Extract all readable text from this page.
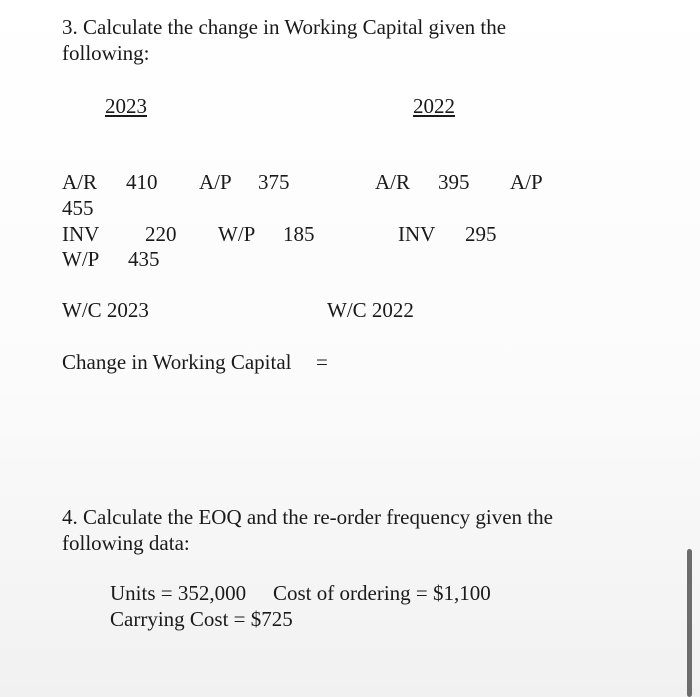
3. Calculate the change in Working Capital given the
following:
2023	2022
A/R 410 A/P 375	A/R 395 A/P
455
INV 220 W/P 185	INV 295
W/P 435
W/C 2023	W/C 2022
Change in Working Capital =
4. Calculate the EOQ and the re-order frequency given the
following data:
Units = 352,000 Cost of ordering = $1,100
Carrying Cost = $725
